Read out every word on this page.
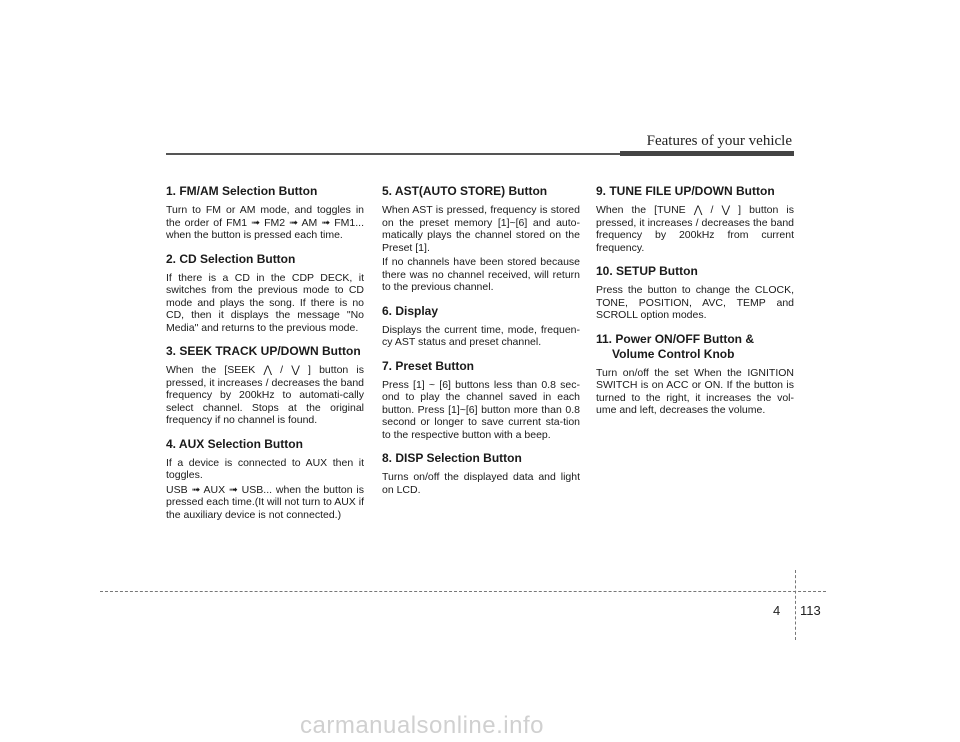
Features of your vehicle
1. FM/AM Selection Button

Turn to FM or AM mode, and toggles in the order of FM1 ➟ FM2 ➟ AM ➟ FM1... when the button is pressed each time.

2. CD Selection Button

If there is a CD in the CDP DECK, it switches from the previous mode to CD mode and plays the song. If there is no CD, then it displays the message "No Media" and returns to the previous mode.

3. SEEK TRACK UP/DOWN Button

When the [SEEK ⋀ / ⋁ ] button is pressed, it increases / decreases the band frequency by 200kHz to automati-cally select channel. Stops at the original frequency if no channel is found.

4. AUX Selection Button

If a device is connected to AUX then it toggles.

USB ➟ AUX ➟ USB... when the button is pressed each time.(It will not turn to AUX if the auxiliary device is not connected.)

5. AST(AUTO STORE) Button

When AST is pressed, frequency is stored on the preset memory [1]~[6] and auto-matically plays the channel stored on the Preset [1].

If no channels have been stored because there was no channel received, will return to the previous channel.

6. Display

Displays the current time, mode, frequen-cy AST status and preset channel.

7. Preset Button

Press [1] ~ [6] buttons less than 0.8 sec-ond to play the channel saved in each button. Press [1]~[6] button more than 0.8 second or longer to save current sta-tion to the respective button with a beep.

8. DISP Selection Button

Turns on/off the displayed data and light on LCD.

9. TUNE FILE UP/DOWN Button

When the [TUNE ⋀ / ⋁ ] button is pressed, it increases / decreases the band frequency by 200kHz from current frequency.

10. SETUP Button

Press the button to change the CLOCK, TONE, POSITION, AVC, TEMP and SCROLL option modes.

11. Power ON/OFF Button & Volume Control Knob

Turn on/off the set When the IGNITION SWITCH is on ACC or ON. If the button is turned to the right, it increases the vol-ume and left, decreases the volume.

4 113
carmanualsonline.info
